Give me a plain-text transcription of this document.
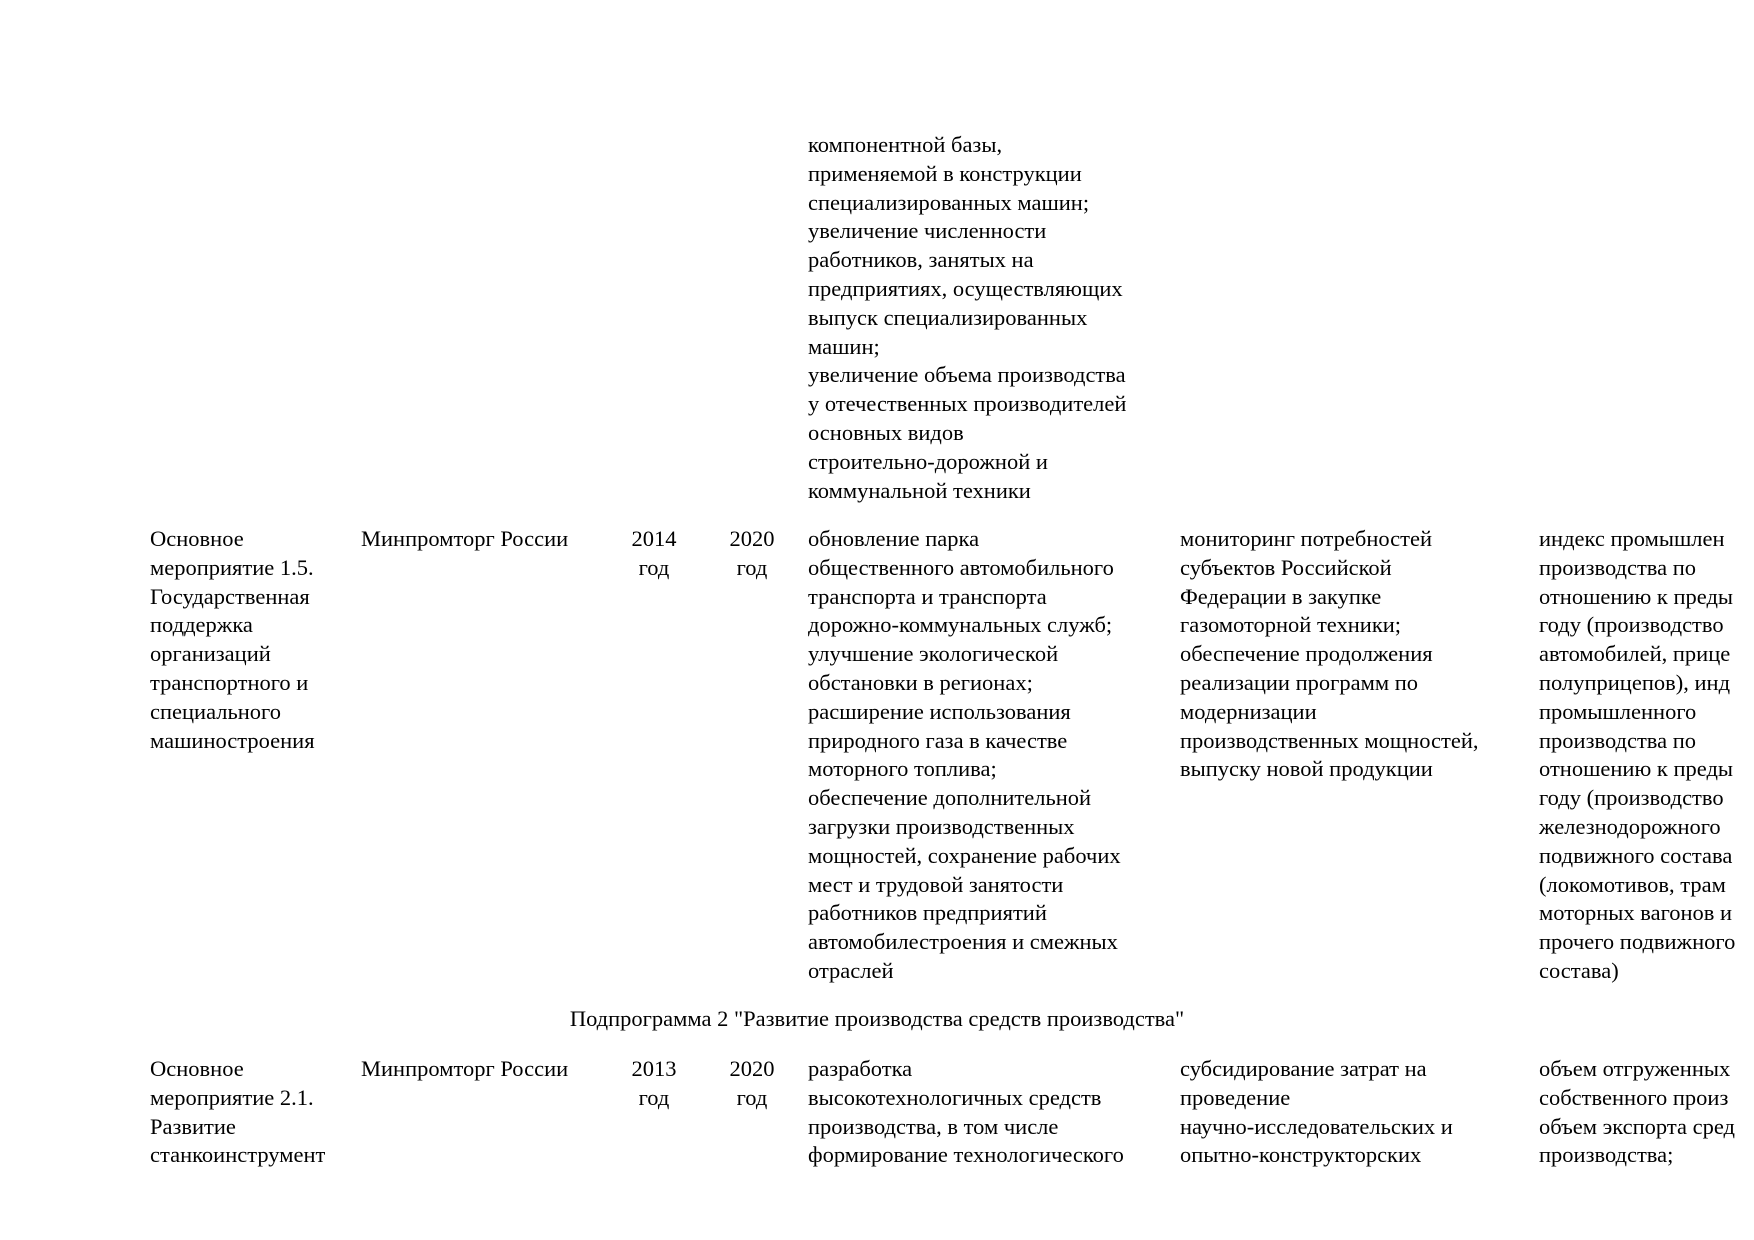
компонентной базы,
применяемой в конструкции
специализированных машин;
увеличение численности
работников, занятых на
предприятиях, осуществляющих
выпуск специализированных
машин;
увеличение объема производства
у отечественных производителей
основных видов
строительно-дорожной и
коммунальной техники
Основное
мероприятие 1.5.
Государственная
поддержка
организаций
транспортного и
специального
машиностроения
Минпромторг России	2014
год
2020
год
обновление парка
общественного автомобильного
транспорта и транспорта
дорожно-коммунальных служб;
улучшение экологической
обстановки в регионах;
расширение использования
природного газа в качестве
моторного топлива;
обеспечение дополнительной
загрузки производственных
мощностей, сохранение рабочих
мест и трудовой занятости
работников предприятий
автомобилестроения и смежных
отраслей
мониторинг потребностей
субъектов Российской
Федерации в закупке
газомоторной техники;
обеспечение продолжения
реализации программ по
модернизации
производственных мощностей,
выпуску новой продукции
индекс промышлен
производства по
отношению к преды
году (производство
автомобилей, прице
полуприцепов), инд
промышленного
производства по
отношению к преды
году (производство
железнодорожного
подвижного состава
(локомотивов, трам
моторных вагонов и
прочего подвижного
состава)
Подпрограмма 2 "Развитие производства средств производства"
Основное
мероприятие 2.1.
Развитие
станкоинструмент
Минпромторг России	2013
год
2020
год
разработка
высокотехнологичных средств
производства, в том числе
формирование технологического
субсидирование затрат на
проведение
научно-исследовательских и
опытно-конструкторских
объем отгруженных
собственного произ
объем экспорта сред
производства;
